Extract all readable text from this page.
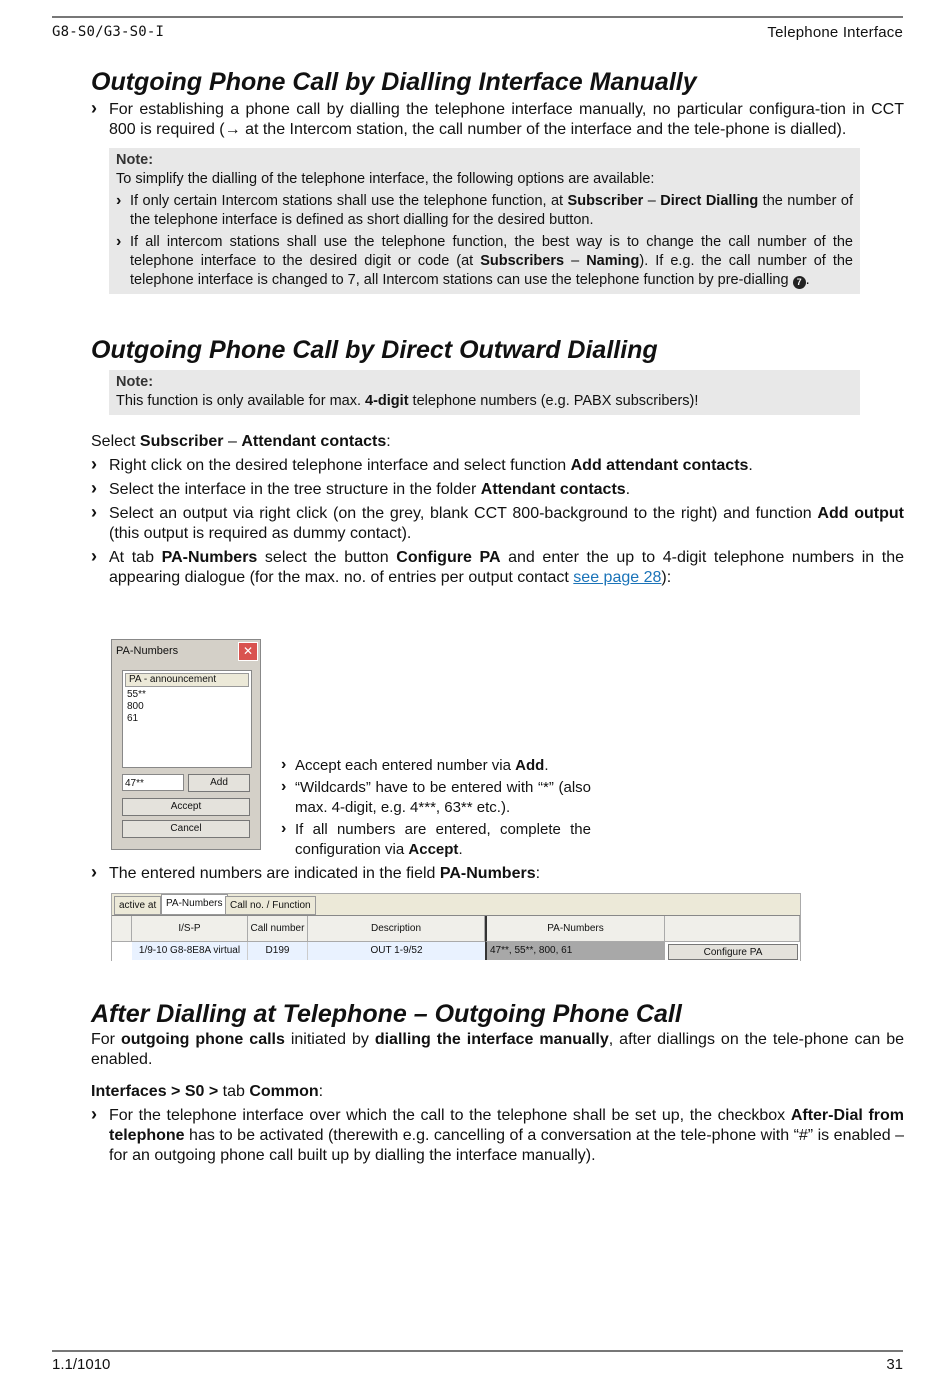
G8-S0/G3-S0-I	Telephone Interface
Outgoing Phone Call by Dialling Interface Manually
› For establishing a phone call by dialling the telephone interface manually, no particular configura-tion in CCT 800 is required (→ at the Intercom station, the call number of the interface and the tele-phone is dialled).
Note:
To simplify the dialling of the telephone interface, the following options are available:
› If only certain Intercom stations shall use the telephone function, at Subscriber – Direct Dialling the number of the telephone interface is defined as short dialling for the desired button.
› If all intercom stations shall use the telephone function, the best way is to change the call number of the telephone interface to the desired digit or code (at Subscribers – Naming). If e.g. the call number of the telephone interface is changed to 7, all Intercom stations can use the telephone function by pre-dialling 7 .
Outgoing Phone Call by Direct Outward Dialling
Note:
This function is only available for max. 4-digit telephone numbers (e.g. PABX subscribers)!

Select Subscriber – Attendant contacts:

› Right click on the desired telephone interface and select function Add attendant contacts.
› Select the interface in the tree structure in the folder Attendant contacts.
› Select an output via right click (on the grey, blank CCT 800-background to the right) and function Add output (this output is required as dummy contact).
› At tab PA-Numbers select the button Configure PA and enter the up to 4-digit telephone numbers in the appearing dialogue (for the max. no. of entries per output contact see page 28):
PA-Numbers	✕
PA - announcement
55**
800
61
47**	Add
Accept
Cancel
› Accept each entered number via Add.
› “Wildcards” have to be entered with “*” (also max. 4-digit, e.g. 4***, 63** etc.).
› If all numbers are entered, complete the configuration via Accept.
› The entered numbers are indicated in the field PA-Numbers:
active at PA-Numbers Call no. / Function
I/S-P	Call number	Description	PA-Numbers
1/9-10 G8-8E8A virtual	D199	OUT 1-9/52	47**, 55**, 800, 61	Configure PA
After Dialling at Telephone – Outgoing Phone Call

For outgoing phone calls initiated by dialling the interface manually, after diallings on the tele-phone can be enabled.

Interfaces > S0 > tab Common:

› For the telephone interface over which the call to the telephone shall be set up, the checkbox After-Dial from telephone has to be activated (therewith e.g. cancelling of a conversation at the tele-phone with “#” is enabled – for an outgoing phone call built up by dialling the interface manually).
1.1/1010	31
